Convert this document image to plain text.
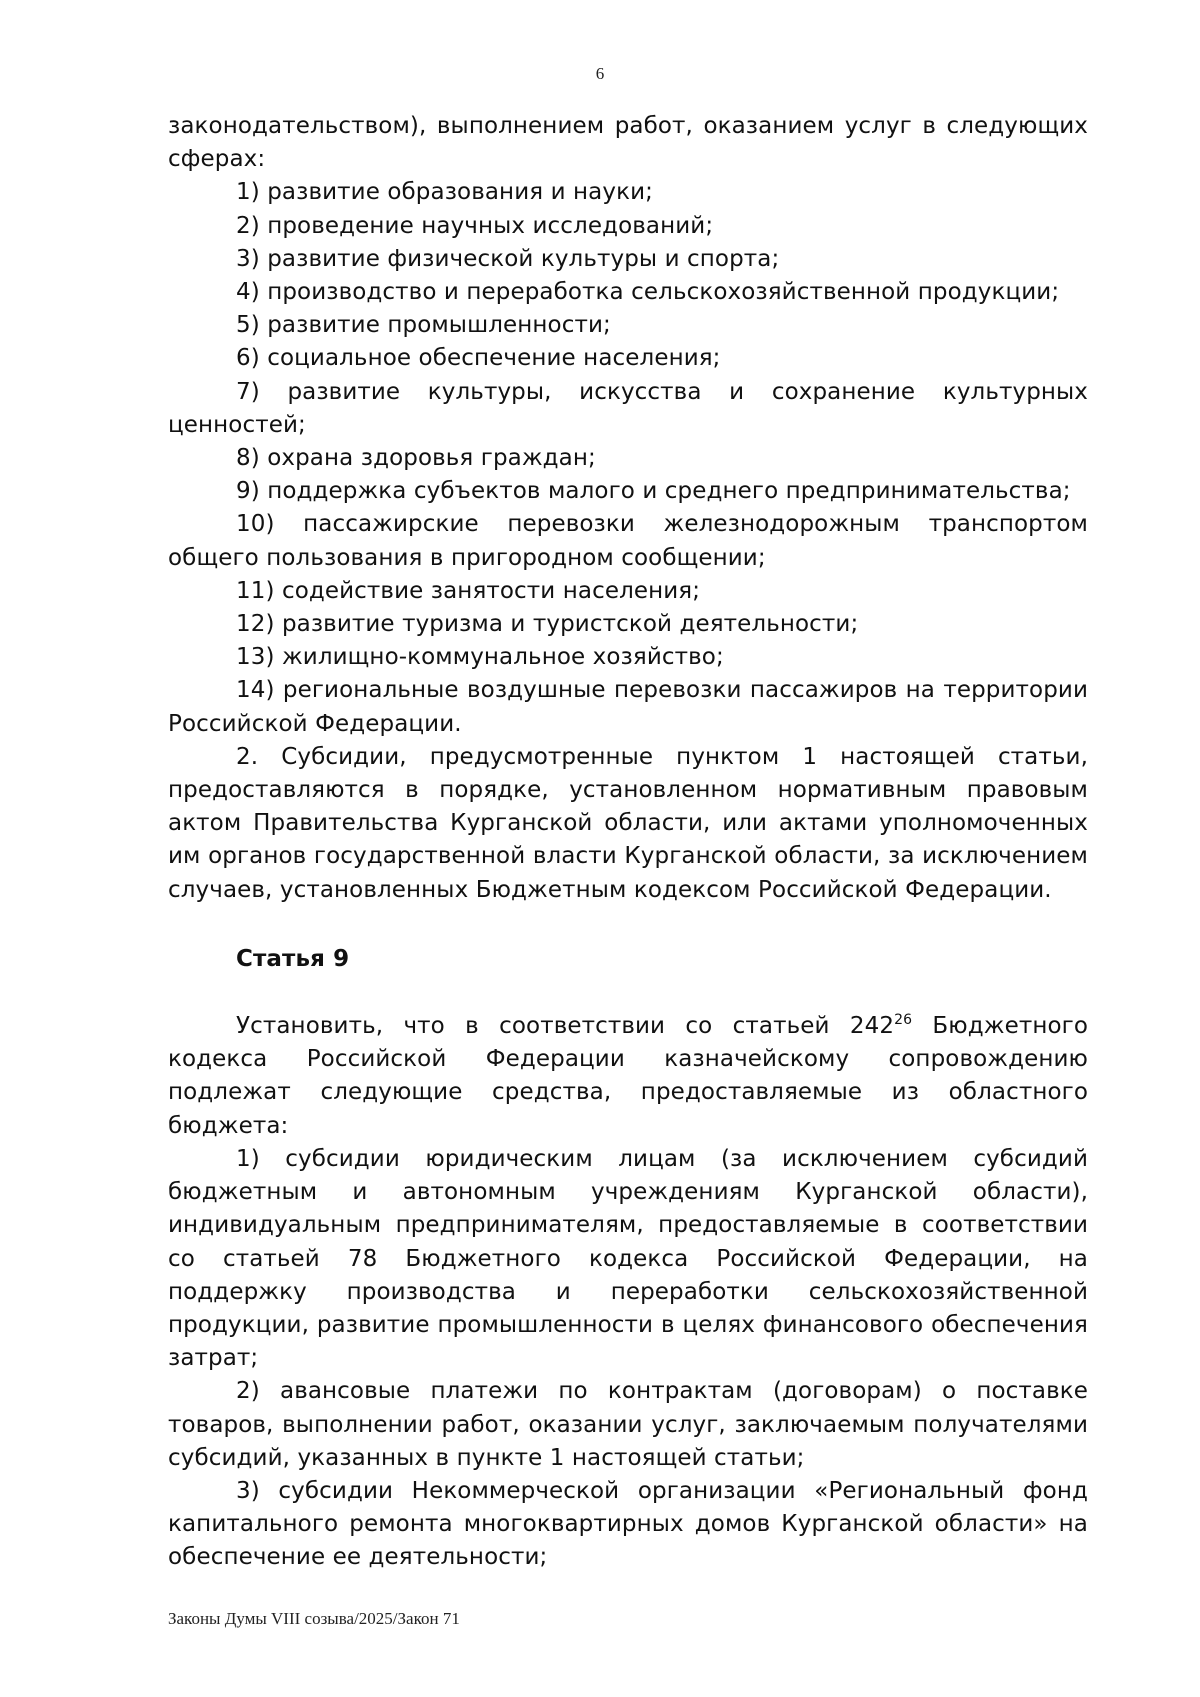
6

законодательством), выполнением работ, оказанием услуг в следующих сферах:

1) развитие образования и науки;

2) проведение научных исследований;

3) развитие физической культуры и спорта;

4) производство и переработка сельскохозяйственной продукции;

5) развитие промышленности;

6) социальное обеспечение населения;

7) развитие культуры, искусства и сохранение культурных ценностей;

8) охрана здоровья граждан;

9) поддержка субъектов малого и среднего предпринимательства;

10) пассажирские перевозки железнодорожным транспортом общего пользования в пригородном сообщении;

11) содействие занятости населения;

12) развитие туризма и туристской деятельности;

13) жилищно-коммунальное хозяйство;

14) региональные воздушные перевозки пассажиров на территории Российской Федерации.

2. Субсидии, предусмотренные пунктом 1 настоящей статьи, предоставляются в порядке, установленном нормативным правовым актом Правительства Курганской области, или актами уполномоченных им органов государственной власти Курганской области, за исключением случаев, установленных Бюджетным кодексом Российской Федерации.

Статья 9

Установить, что в соответствии со статьей $242^{26}$ Бюджетного кодекса Российской Федерации казначейскому сопровождению подлежат следующие средства, предоставляемые из областного бюджета:

1) субсидии юридическим лицам (за исключением субсидий бюджетным и автономным учреждениям Курганской области), индивидуальным предпринимателям, предоставляемые в соответствии со статьей 78 Бюджетного кодекса Российской Федерации, на поддержку производства и переработки сельскохозяйственной продукции, развитие промышленности в целях финансового обеспечения затрат;

2) авансовые платежи по контрактам (договорам) о поставке товаров, выполнении работ, оказании услуг, заключаемым получателями субсидий, указанных в пункте 1 настоящей статьи;

3) субсидии Некоммерческой организации «Региональный фонд капитального ремонта многоквартирных домов Курганской области» на обеспечение ее деятельности;

Законы Думы VIII созыва/2025/Закон 71
